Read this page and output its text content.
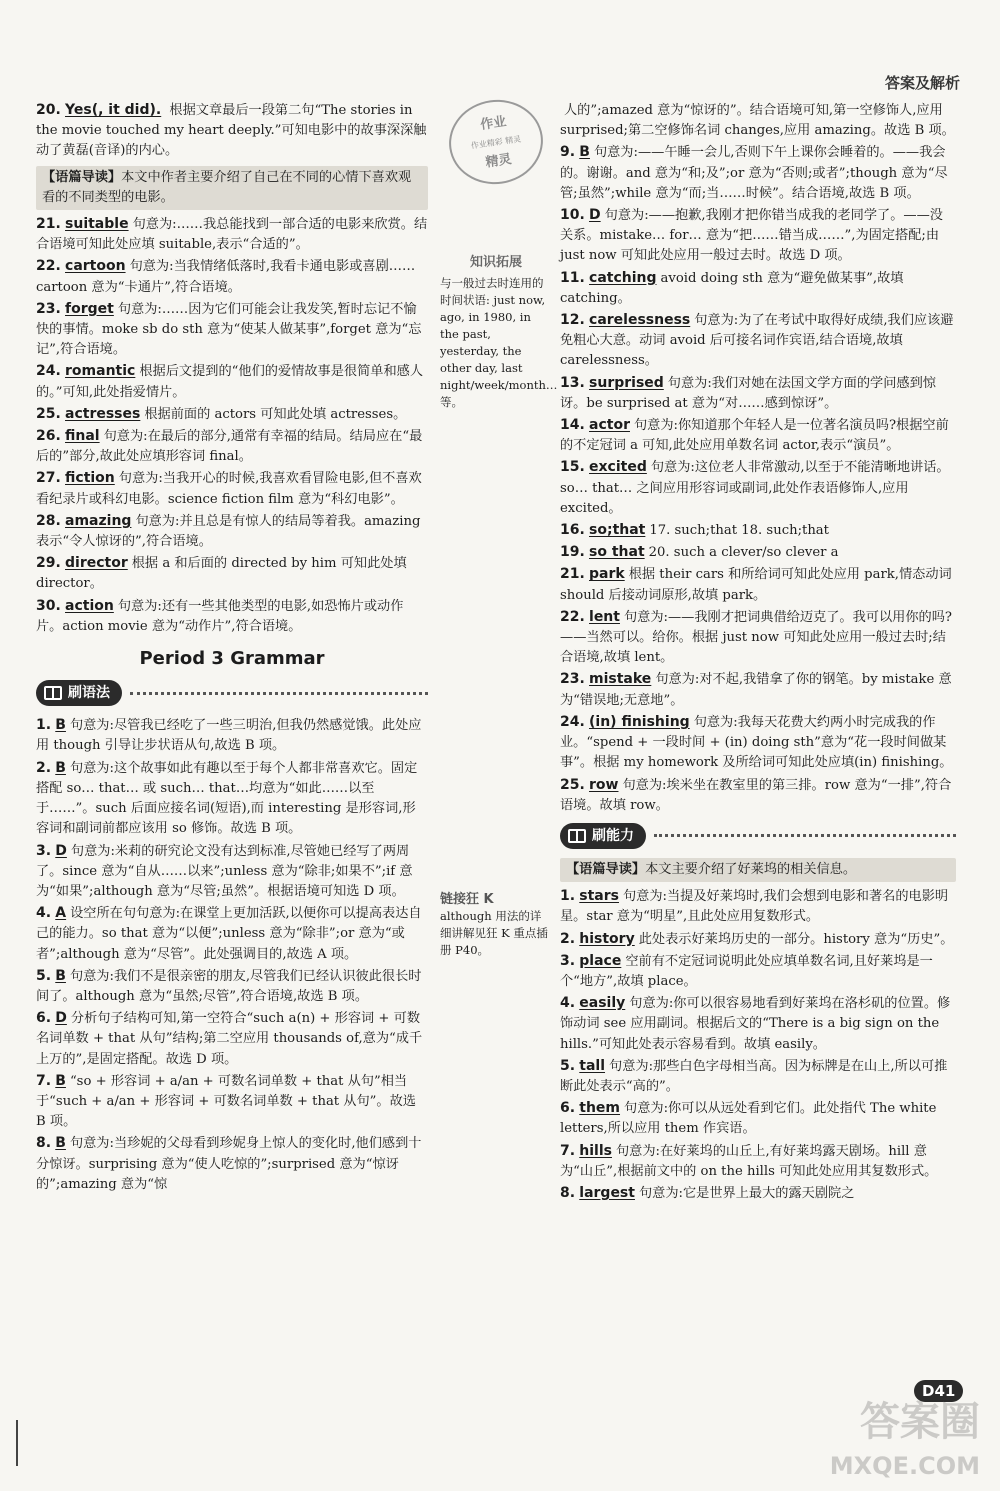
答案及解析

20. Yes(, it did). 根据文章最后一段第二句“The stories in the movie touched my heart deeply.”可知电影中的故事深深触动了黄磊(音译)的内心。

【语篇导读】本文中作者主要介绍了自己在不同的心情下喜欢观看的不同类型的电影。

21. suitable 句意为:……我总能找到一部合适的电影来欣赏。结合语境可知此处应填 suitable,表示“合适的”。

22. cartoon 句意为:当我情绪低落时,我看卡通电影或喜剧…… cartoon 意为“卡通片”,符合语境。

23. forget 句意为:……因为它们可能会让我发笑,暂时忘记不愉快的事情。moke sb do sth 意为“使某人做某事”,forget 意为“忘记”,符合语境。

24. romantic 根据后文提到的“他们的爱情故事是很简单和感人的。”可知,此处指爱情片。

25. actresses 根据前面的 actors 可知此处填 actresses。

26. final 句意为:在最后的部分,通常有幸福的结局。结局应在“最后的”部分,故此处应填形容词 final。

27. fiction 句意为:当我开心的时候,我喜欢看冒险电影,但不喜欢看纪录片或科幻电影。science fiction film 意为“科幻电影”。

28. amazing 句意为:并且总是有惊人的结局等着我。amazing 表示“令人惊讶的”,符合语境。

29. director 根据 a 和后面的 directed by him 可知此处填 director。

30. action 句意为:还有一些其他类型的电影,如恐怖片或动作片。action movie 意为“动作片”,符合语境。

Period 3 Grammar
刷语法

1. B 句意为:尽管我已经吃了一些三明治,但我仍然感觉饿。此处应用 though 引导让步状语从句,故选 B 项。

2. B 句意为:这个故事如此有趣以至于每个人都非常喜欢它。固定搭配 so… that… 或 such… that…均意为“如此……以至于……”。such 后面应接名词(短语),而 interesting 是形容词,形容词和副词前都应该用 so 修饰。故选 B 项。

3. D 句意为:米莉的研究论文没有达到标准,尽管她已经写了两周了。since 意为“自从……以来”;unless 意为“除非;如果不”;if 意为“如果”;although 意为“尽管;虽然”。根据语境可知选 D 项。

4. A 设空所在句句意为:在课堂上更加活跃,以便你可以提高表达自己的能力。so that 意为“以便”;unless 意为“除非”;or 意为“或者”;although 意为“尽管”。此处强调目的,故选 A 项。

5. B 句意为:我们不是很亲密的朋友,尽管我们已经认识彼此很长时间了。although 意为“虽然;尽管”,符合语境,故选 B 项。

6. D 分析句子结构可知,第一空符合“such a(n) + 形容词 + 可数名词单数 + that 从句”结构;第二空应用 thousands of,意为“成千上万的”,是固定搭配。故选 D 项。

7. B “so + 形容词 + a/an + 可数名词单数 + that 从句”相当于“such + a/an + 形容词 + 可数名词单数 + that 从句”。故选 B 项。

8. B 句意为:当珍妮的父母看到珍妮身上惊人的变化时,他们感到十分惊讶。surprising 意为“使人吃惊的”;surprised 意为“惊讶的”;amazing 意为“惊

作业
作业精彩 精灵
精灵
知识拓展
与一般过去时连用的时间状语: just now, ago, in 1980, in the past, yesterday, the other day, last night/week/month… 等。
链接狂 K
although 用法的详细讲解见狂 K 重点插册 P40。

人的”;amazed 意为“惊讶的”。结合语境可知,第一空修饰人,应用 surprised;第二空修饰名词 changes,应用 amazing。故选 B 项。

9. B 句意为:——午睡一会儿,否则下午上课你会睡着的。——我会的。谢谢。and 意为“和;及”;or 意为“否则;或者”;though 意为“尽管;虽然”;while 意为“而;当……时候”。结合语境,故选 B 项。

10. D 句意为:——抱歉,我刚才把你错当成我的老同学了。——没关系。mistake… for… 意为“把……错当成……”,为固定搭配;由 just now 可知此处应用一般过去时。故选 D 项。

11. catching avoid doing sth 意为“避免做某事”,故填 catching。

12. carelessness 句意为:为了在考试中取得好成绩,我们应该避免粗心大意。动词 avoid 后可接名词作宾语,结合语境,故填 carelessness。

13. surprised 句意为:我们对她在法国文学方面的学问感到惊讶。be surprised at 意为“对……感到惊讶”。

14. actor 句意为:你知道那个年轻人是一位著名演员吗?根据空前的不定冠词 a 可知,此处应用单数名词 actor,表示“演员”。

15. excited 句意为:这位老人非常激动,以至于不能清晰地讲话。so… that… 之间应用形容词或副词,此处作表语修饰人,应用 excited。

16. so;that 17. such;that 18. such;that

19. so that 20. such a clever/so clever a

21. park 根据 their cars 和所给词可知此处应用 park,情态动词 should 后接动词原形,故填 park。

22. lent 句意为:——我刚才把词典借给迈克了。我可以用你的吗?——当然可以。给你。根据 just now 可知此处应用一般过去时;结合语境,故填 lent。

23. mistake 句意为:对不起,我错拿了你的钢笔。by mistake 意为“错误地;无意地”。

24. (in) finishing 句意为:我每天花费大约两小时完成我的作业。“spend + 一段时间 + (in) doing sth”意为“花一段时间做某事”。根据 my homework 及所给词可知此处应填(in) finishing。

25. row 句意为:埃米坐在教室里的第三排。row 意为“一排”,符合语境。故填 row。

刷能力
【语篇导读】本文主要介绍了好莱坞的相关信息。

1. stars 句意为:当提及好莱坞时,我们会想到电影和著名的电影明星。star 意为“明星”,且此处应用复数形式。

2. history 此处表示好莱坞历史的一部分。history 意为“历史”。

3. place 空前有不定冠词说明此处应填单数名词,且好莱坞是一个“地方”,故填 place。

4. easily 句意为:你可以很容易地看到好莱坞在洛杉矶的位置。修饰动词 see 应用副词。根据后文的“There is a big sign on the hills.”可知此处表示容易看到。故填 easily。

5. tall 句意为:那些白色字母相当高。因为标牌是在山上,所以可推断此处表示“高的”。

6. them 句意为:你可以从远处看到它们。此处指代 The white letters,所以应用 them 作宾语。

7. hills 句意为:在好莱坞的山丘上,有好莱坞露天剧场。hill 意为“山丘”,根据前文中的 on the hills 可知此处应用其复数形式。

8. largest 句意为:它是世界上最大的露天剧院之

D41
答案圈
MXQE.COM
